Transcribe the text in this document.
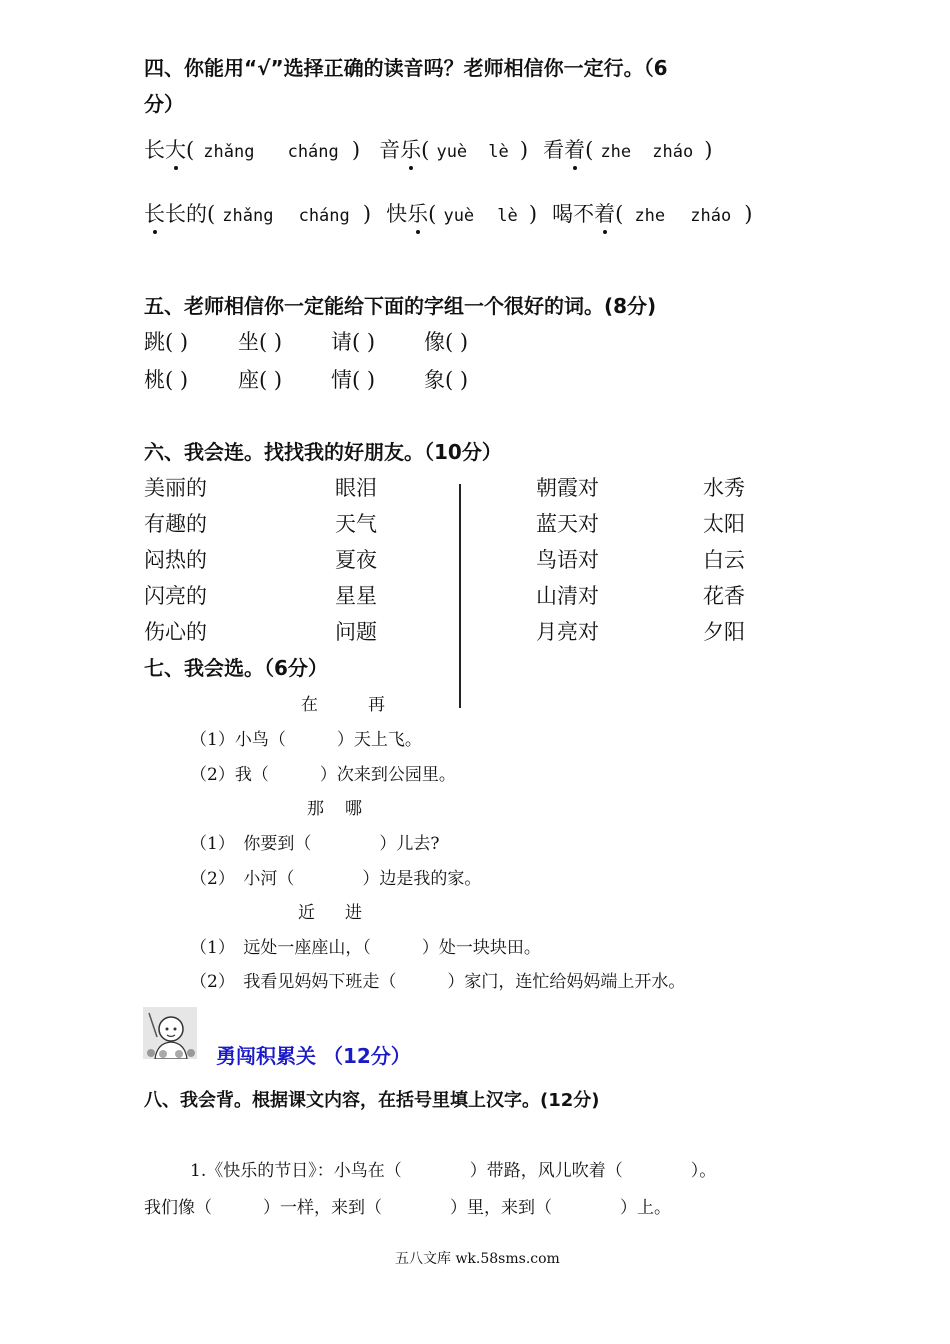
四、你能用“√”选择正确的读音吗？老师相信你一定行。（6
分）
长大( zhǎng cháng ) 音乐( yuè lè ) 看着( zhe zháo )
长长的( zhǎng cháng ) 快乐( yuè lè ) 喝不着( zhe zháo )
五、老师相信你一定能给下面的字组一个很好的词。(8分)
跳( ) 坐( ) 请( ) 像( )
桃( ) 座( ) 情( ) 象( )
六、我会连。找找我的好朋友。（10分）
美丽的
有趣的
闷热的
闪亮的
伤心的
眼泪
天气
夏夜
星星
问题
朝霞对
蓝天对
鸟语对
山清对
月亮对
水秀
太阳
白云
花香
夕阳
七、我会选。（6分）
在	再
（1）小鸟（　　　）天上飞。
（2）我（　　　）次来到公园里。
那 哪
（1）　你要到（　　　　）儿去?
（2）　小河（　　　　）边是我的家。
近 进
（1）　远处一座座山，（　　　）处一块块田。
（2）　我看见妈妈下班走（　　　）家门，连忙给妈妈端上开水。
勇闯积累关 （12分）
八、我会背。根据课文内容，在括号里填上汉字。(12分)
1.《快乐的节日》：小鸟在（　　　　）带路，风儿吹着（　　　　）。
我们像（　　　）一样，来到（　　　　）里，来到（　　　　）上。
五八文库 wk.58sms.com
